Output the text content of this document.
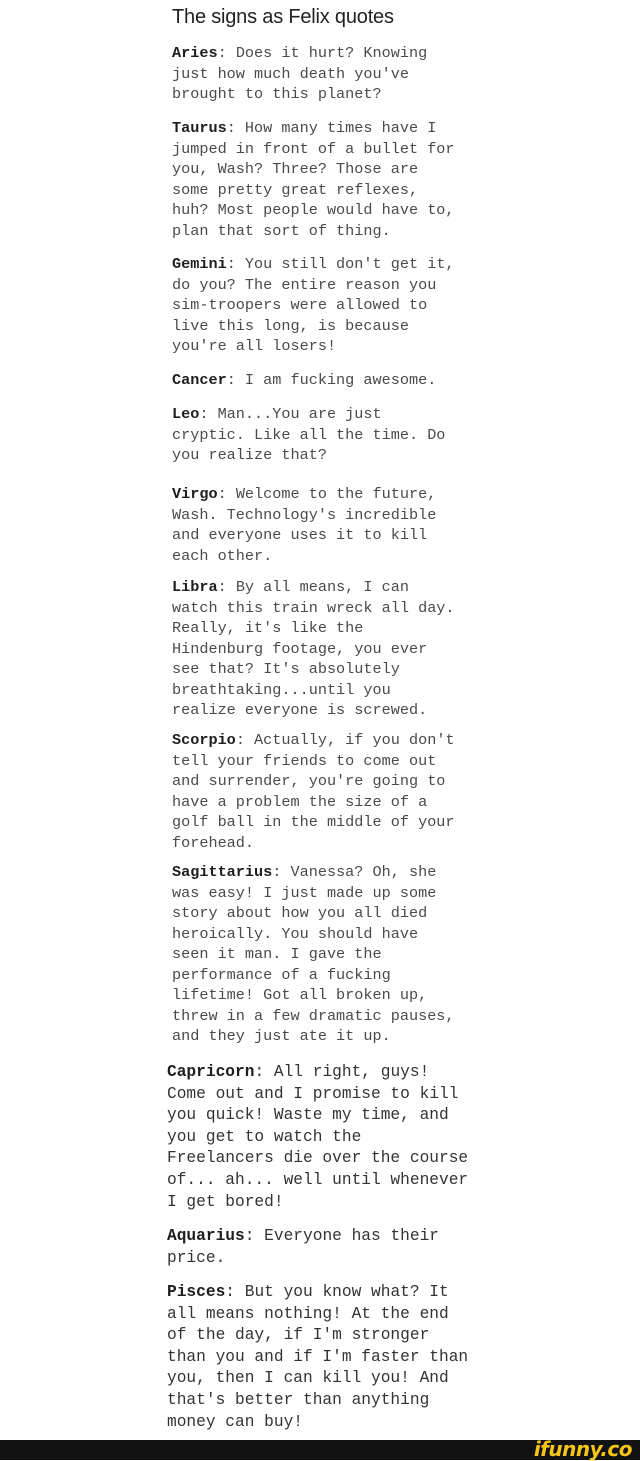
The signs as Felix quotes

Aries: Does it hurt? Knowing
just how much death you've
brought to this planet?

Taurus: How many times have I
jumped in front of a bullet for
you, Wash? Three? Those are
some pretty great reflexes,
huh? Most people would have to,
plan that sort of thing.

Gemini: You still don't get it,
do you? The entire reason you
sim-troopers were allowed to
live this long, is because
you're all losers!

Cancer: I am fucking awesome.

Leo: Man...You are just
cryptic. Like all the time. Do
you realize that?

Virgo: Welcome to the future,
Wash. Technology's incredible
and everyone uses it to kill
each other.

Libra: By all means, I can
watch this train wreck all day.
Really, it's like the
Hindenburg footage, you ever
see that? It's absolutely
breathtaking...until you
realize everyone is screwed.

Scorpio: Actually, if you don't
tell your friends to come out
and surrender, you're going to
have a problem the size of a
golf ball in the middle of your
forehead.

Sagittarius: Vanessa? Oh, she
was easy! I just made up some
story about how you all died
heroically. You should have
seen it man. I gave the
performance of a fucking
lifetime! Got all broken up,
threw in a few dramatic pauses,
and they just ate it up.

Capricorn: All right, guys!
Come out and I promise to kill
you quick! Waste my time, and
you get to watch the
Freelancers die over the course
of... ah... well until whenever
I get bored!

Aquarius: Everyone has their
price.

Pisces: But you know what? It
all means nothing! At the end
of the day, if I'm stronger
than you and if I'm faster than
you, then I can kill you! And
that's better than anything
money can buy!

ifunny.co
